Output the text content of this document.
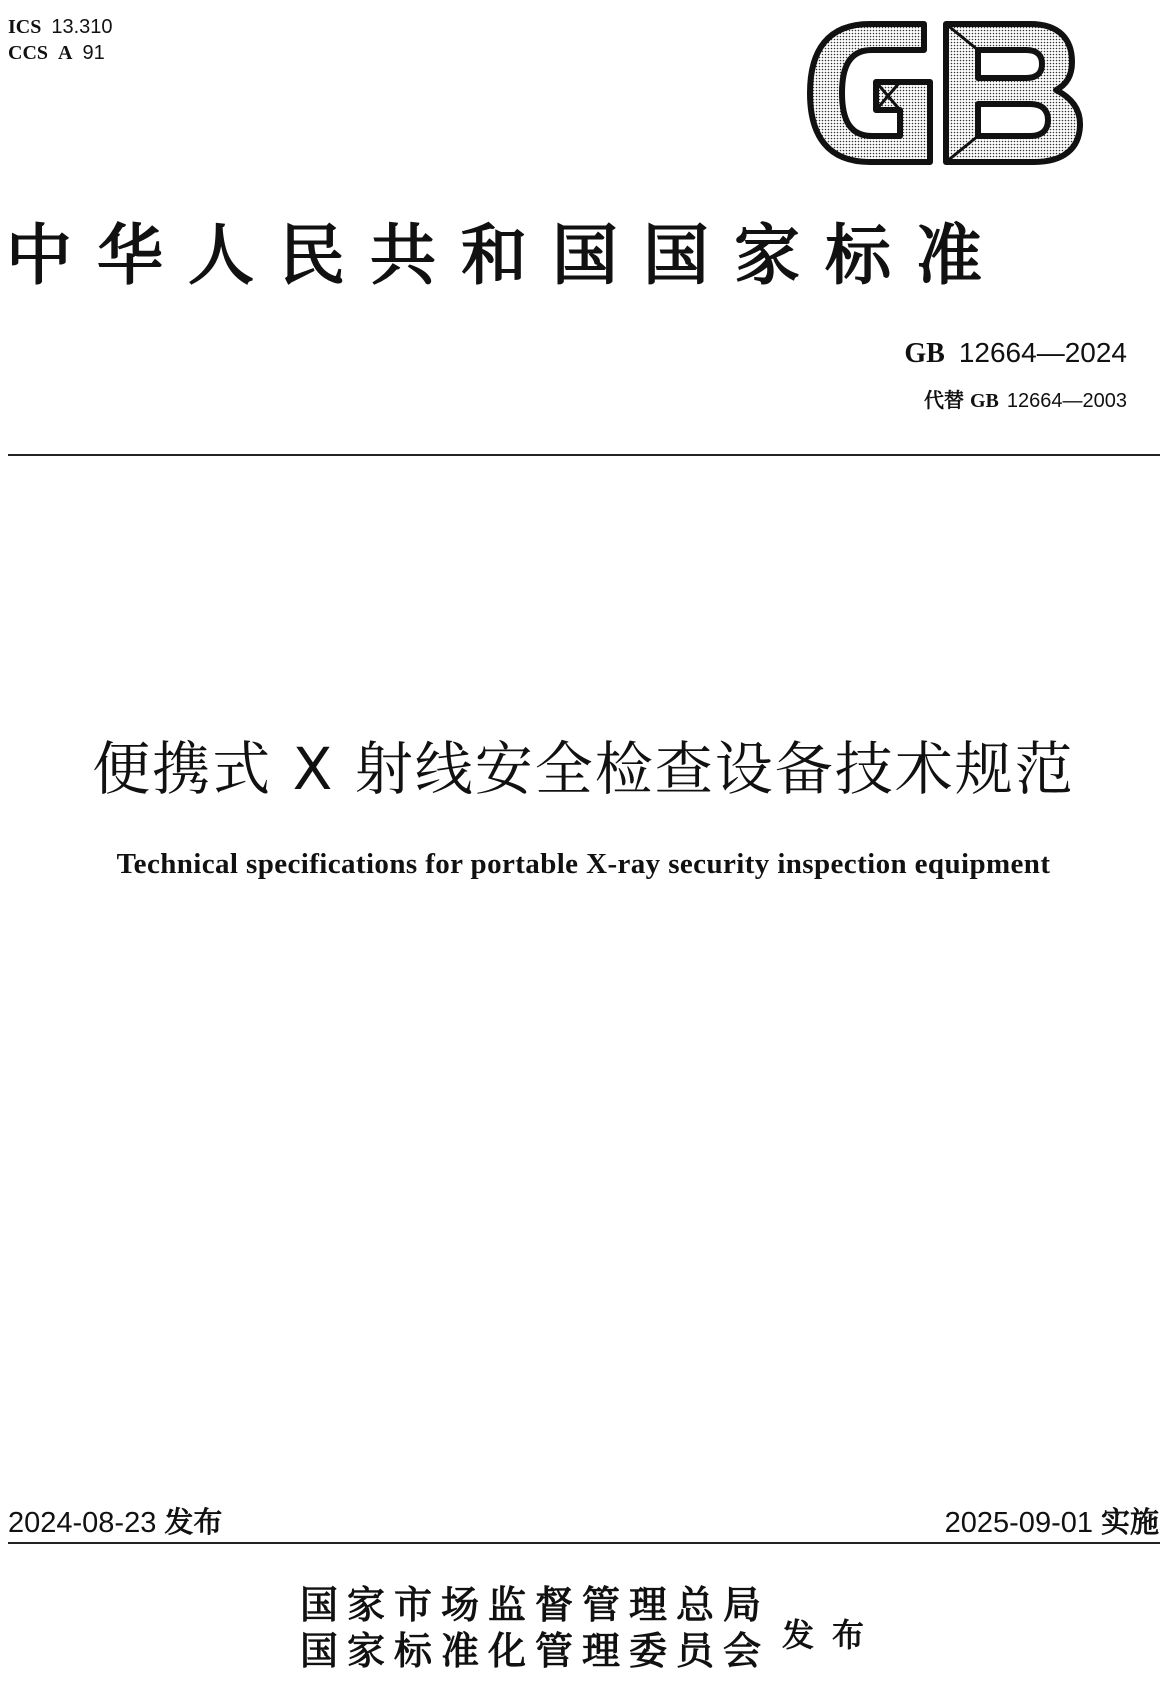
ICS 13.310
CCS A 91
中华人民共和国国家标准
GB 12664—2024
代替 GB 12664—2003
便携式 X 射线安全检查设备技术规范
Technical specifications for portable X-ray security inspection equipment
2024-08-23 发布	2025-09-01 实施
国家市场监督管理总局
国家标准化管理委员会 发布
